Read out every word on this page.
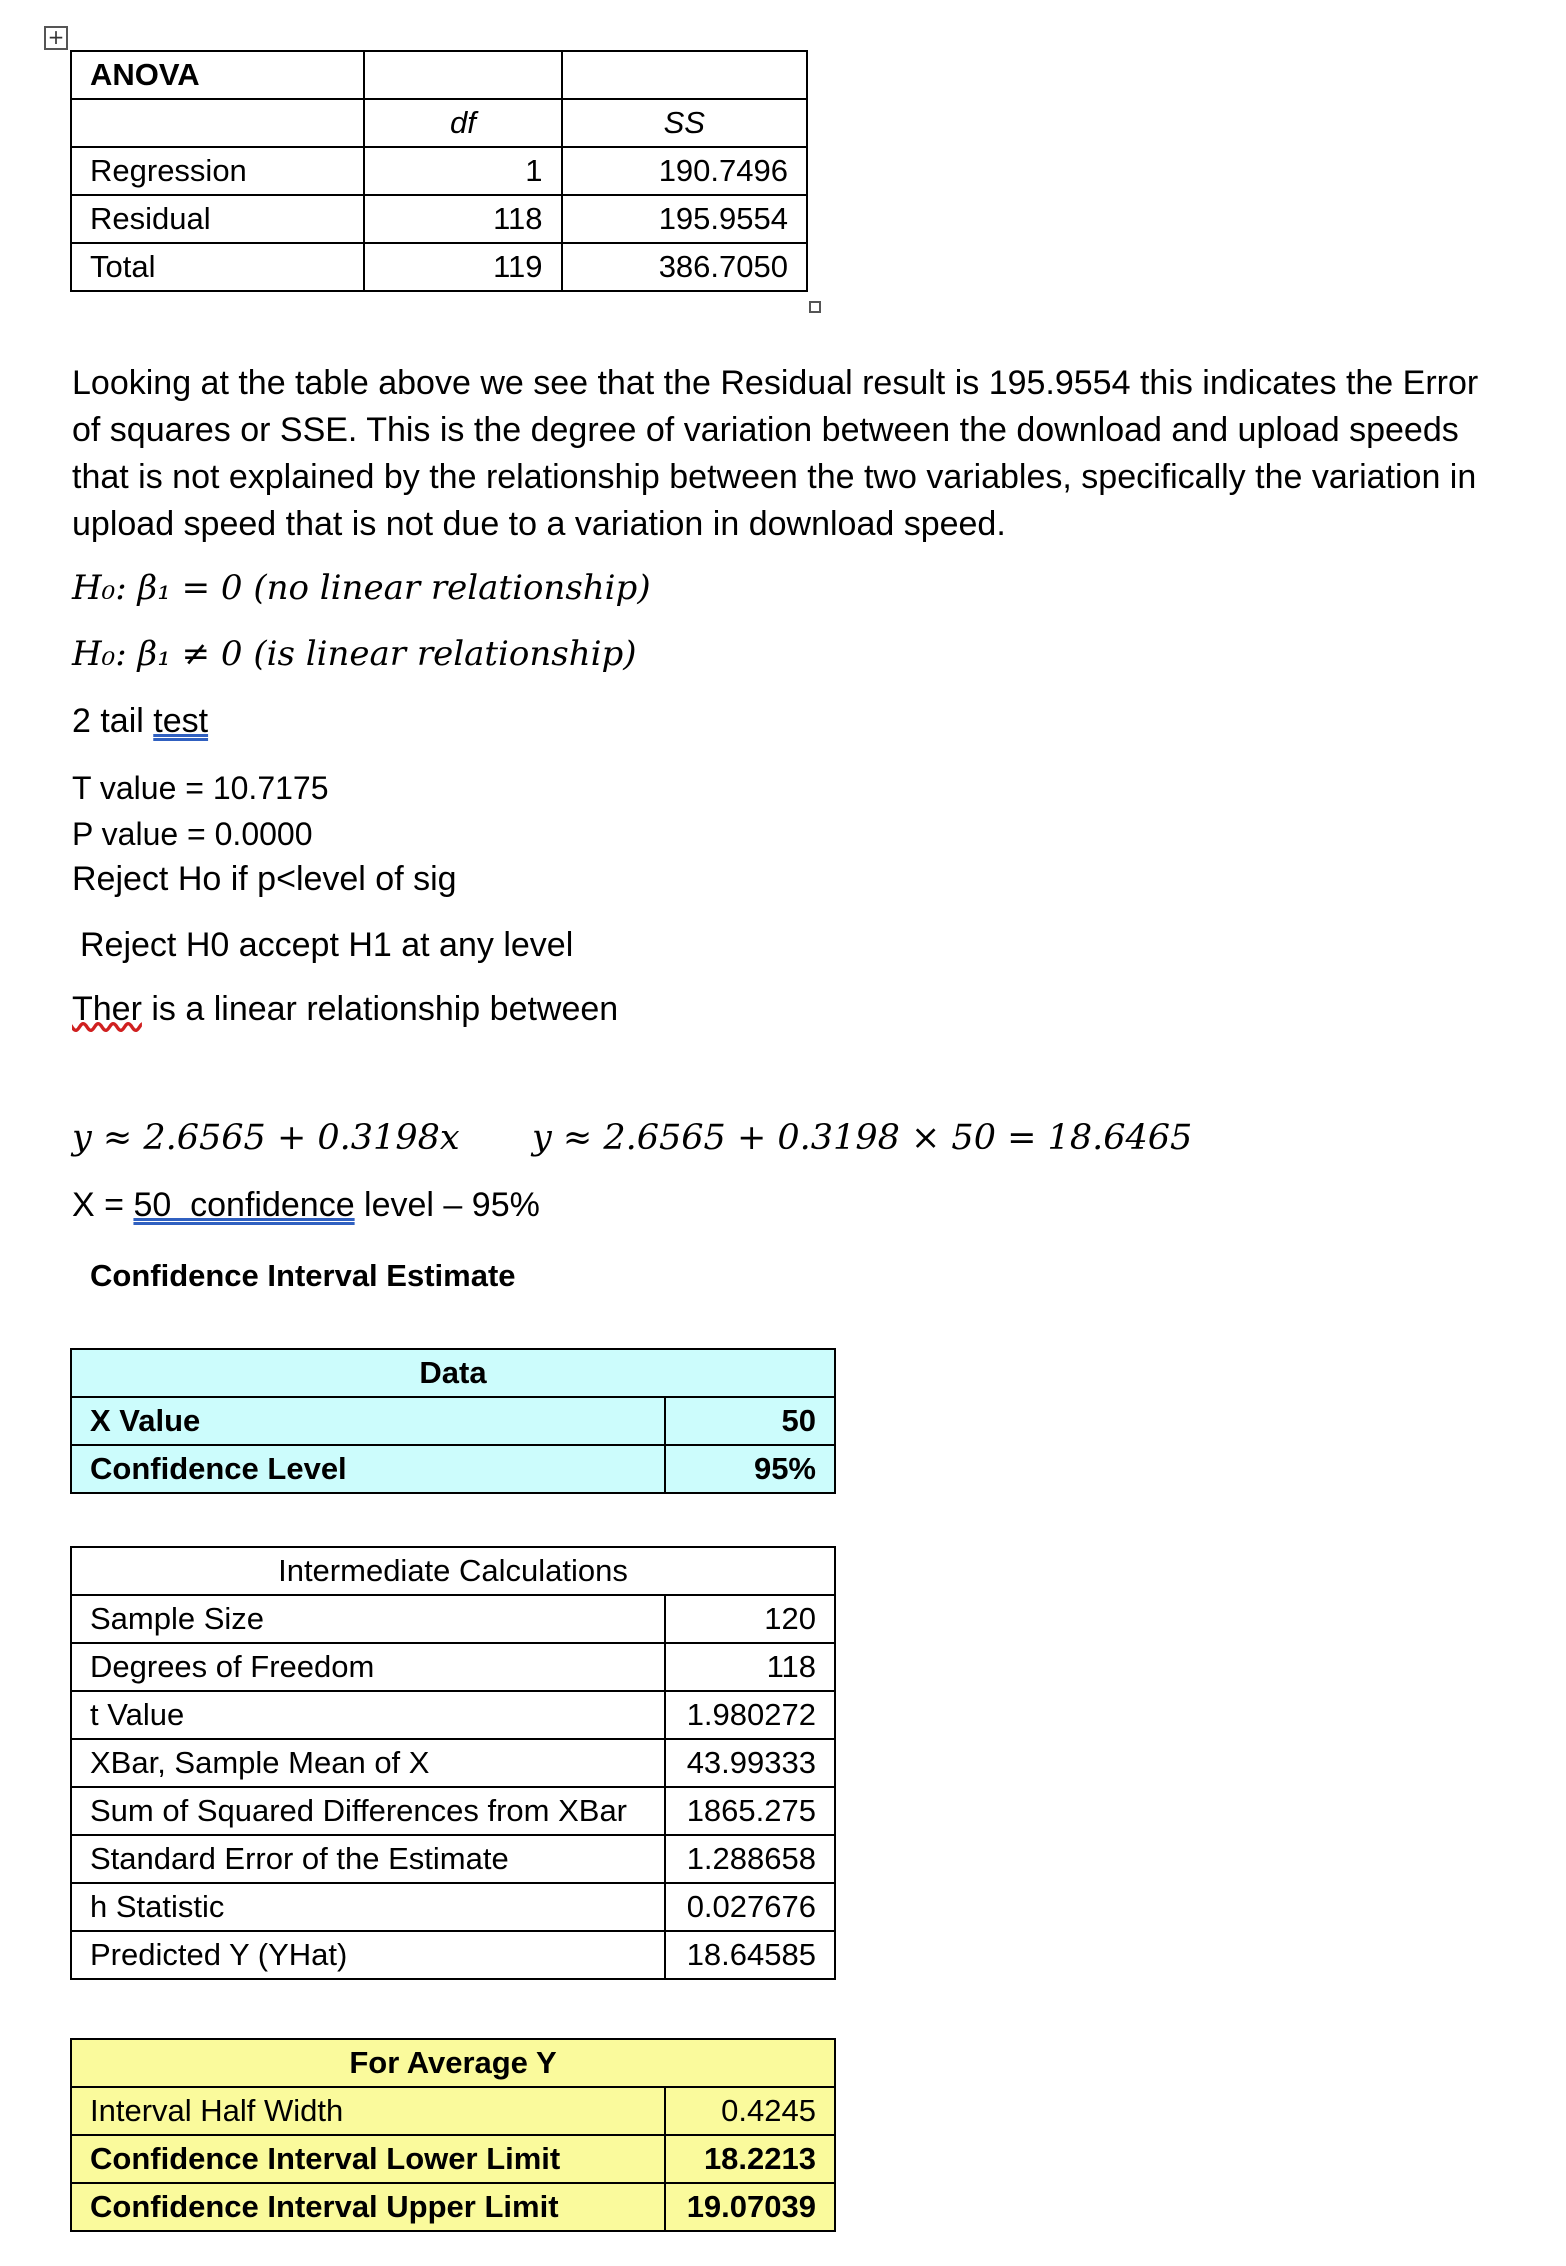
+
ANOVA		
	df	SS
Regression	1	190.7496
Residual	118	195.9554
Total	119	386.7050
Looking at the table above we see that the Residual result is 195.9554 this indicates the Error of squares or SSE. This is the degree of variation between the download and upload speeds that is not explained by the relationship between the two variables, specifically the variation in upload speed that is not due to a variation in download speed.
H₀: β₁ = 0 (no linear relationship)
H₀: β₁ ≠ 0 (is linear relationship)
2 tail test
T value = 10.7175
P value = 0.0000
Reject Ho if p<level of sig
Reject H0 accept H1 at any level
Ther is a linear relationship between
y ≈ 2.6565 + 0.3198x y ≈ 2.6565 + 0.3198 × 50 = 18.6465
X = 50  confidence level – 95%
Confidence Interval Estimate
Data	
X Value	50
Confidence Level	95%
Intermediate Calculations	
Sample Size	120
Degrees of Freedom	118
t Value	1.980272
XBar, Sample Mean of X	43.99333
Sum of Squared Differences from XBar	1865.275
Standard Error of the Estimate	1.288658
h Statistic	0.027676
Predicted Y (YHat)	18.64585
For Average Y	
Interval Half Width	0.4245
Confidence Interval Lower Limit	18.2213
Confidence Interval Upper Limit	19.07039
